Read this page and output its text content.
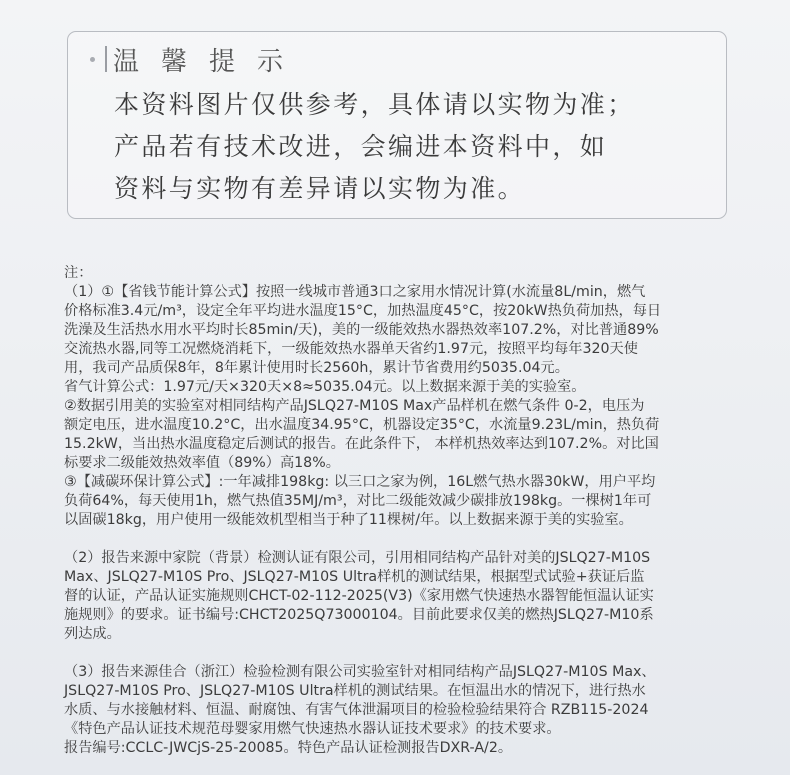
温馨提示
本资料图片仅供参考，具体请以实物为准；
产品若有技术改进，会编进本资料中，如
资料与实物有差异请以实物为准。
注：
（1）①【省钱节能计算公式】按照一线城市普通3口之家用水情况计算(水流量8L/min，燃气
价格标准3.4元/m³，设定全年平均进水温度15°C，加热温度45°C，按20kW热负荷加热，每日
洗澡及生活热水用水平均时长85min/天)，美的一级能效热水器热效率107.2%，对比普通89%
交流热水器,同等工况燃烧消耗下，一级能效热水器单天省约1.97元，按照平均每年320天使
用，我司产品质保8年，8年累计使用时长2560h，累计节省费用约5035.04元。
省气计算公式：1.97元/天×320天×8≈5035.04元。以上数据来源于美的实验室。
②数据引用美的实验室对相同结构产品JSLQ27-M10S Max产品样机在燃气条件 0-2，电压为
额定电压，进水温度10.2°C，出水温度34.95°C，机器设定35°C，水流量9.23L/min，热负荷
15.2kW，当出热水温度稳定后测试的报告。在此条件下， 本样机热效率达到107.2%。对比国
标要求二级能效热效率值（89%）高18%。
③【减碳环保计算公式】:一年减排198kg: 以三口之家为例，16L燃气热水器30kW，用户平均
负荷64%，每天使用1h，燃气热值35MJ/m³，对比二级能效减少碳排放198kg。一棵树1年可
以固碳18kg，用户使用一级能效机型相当于种了11棵树/年。以上数据来源于美的实验室。
（2）报告来源中家院（背景）检测认证有限公司，引用相同结构产品针对美的JSLQ27-M10S
Max、JSLQ27-M10S Pro、JSLQ27-M10S Ultra样机的测试结果，根据型式试验+获证后监
督的认证，产品认证实施规则CHCT-02-112-2025(V3)《家用燃气快速热水器智能恒温认证实
施规则》的要求。证书编号:CHCT2025Q73000104。目前此要求仅美的燃热JSLQ27-M10系
列达成。
（3）报告来源佳合（浙江）检验检测有限公司实验室针对相同结构产品JSLQ27-M10S Max、
JSLQ27-M10S Pro、JSLQ27-M10S Ultra样机的测试结果。在恒温出水的情况下，进行热水
水质、与水接触材料、恒温、耐腐蚀、有害气体泄漏项目的检验检验结果符合 RZB115-2024
《特色产品认证技术规范母婴家用燃气快速热水器认证技术要求》的技术要求。
报告编号:CCLC-JWCjS-25-20085。特色产品认证检测报告DXR-A/2。
